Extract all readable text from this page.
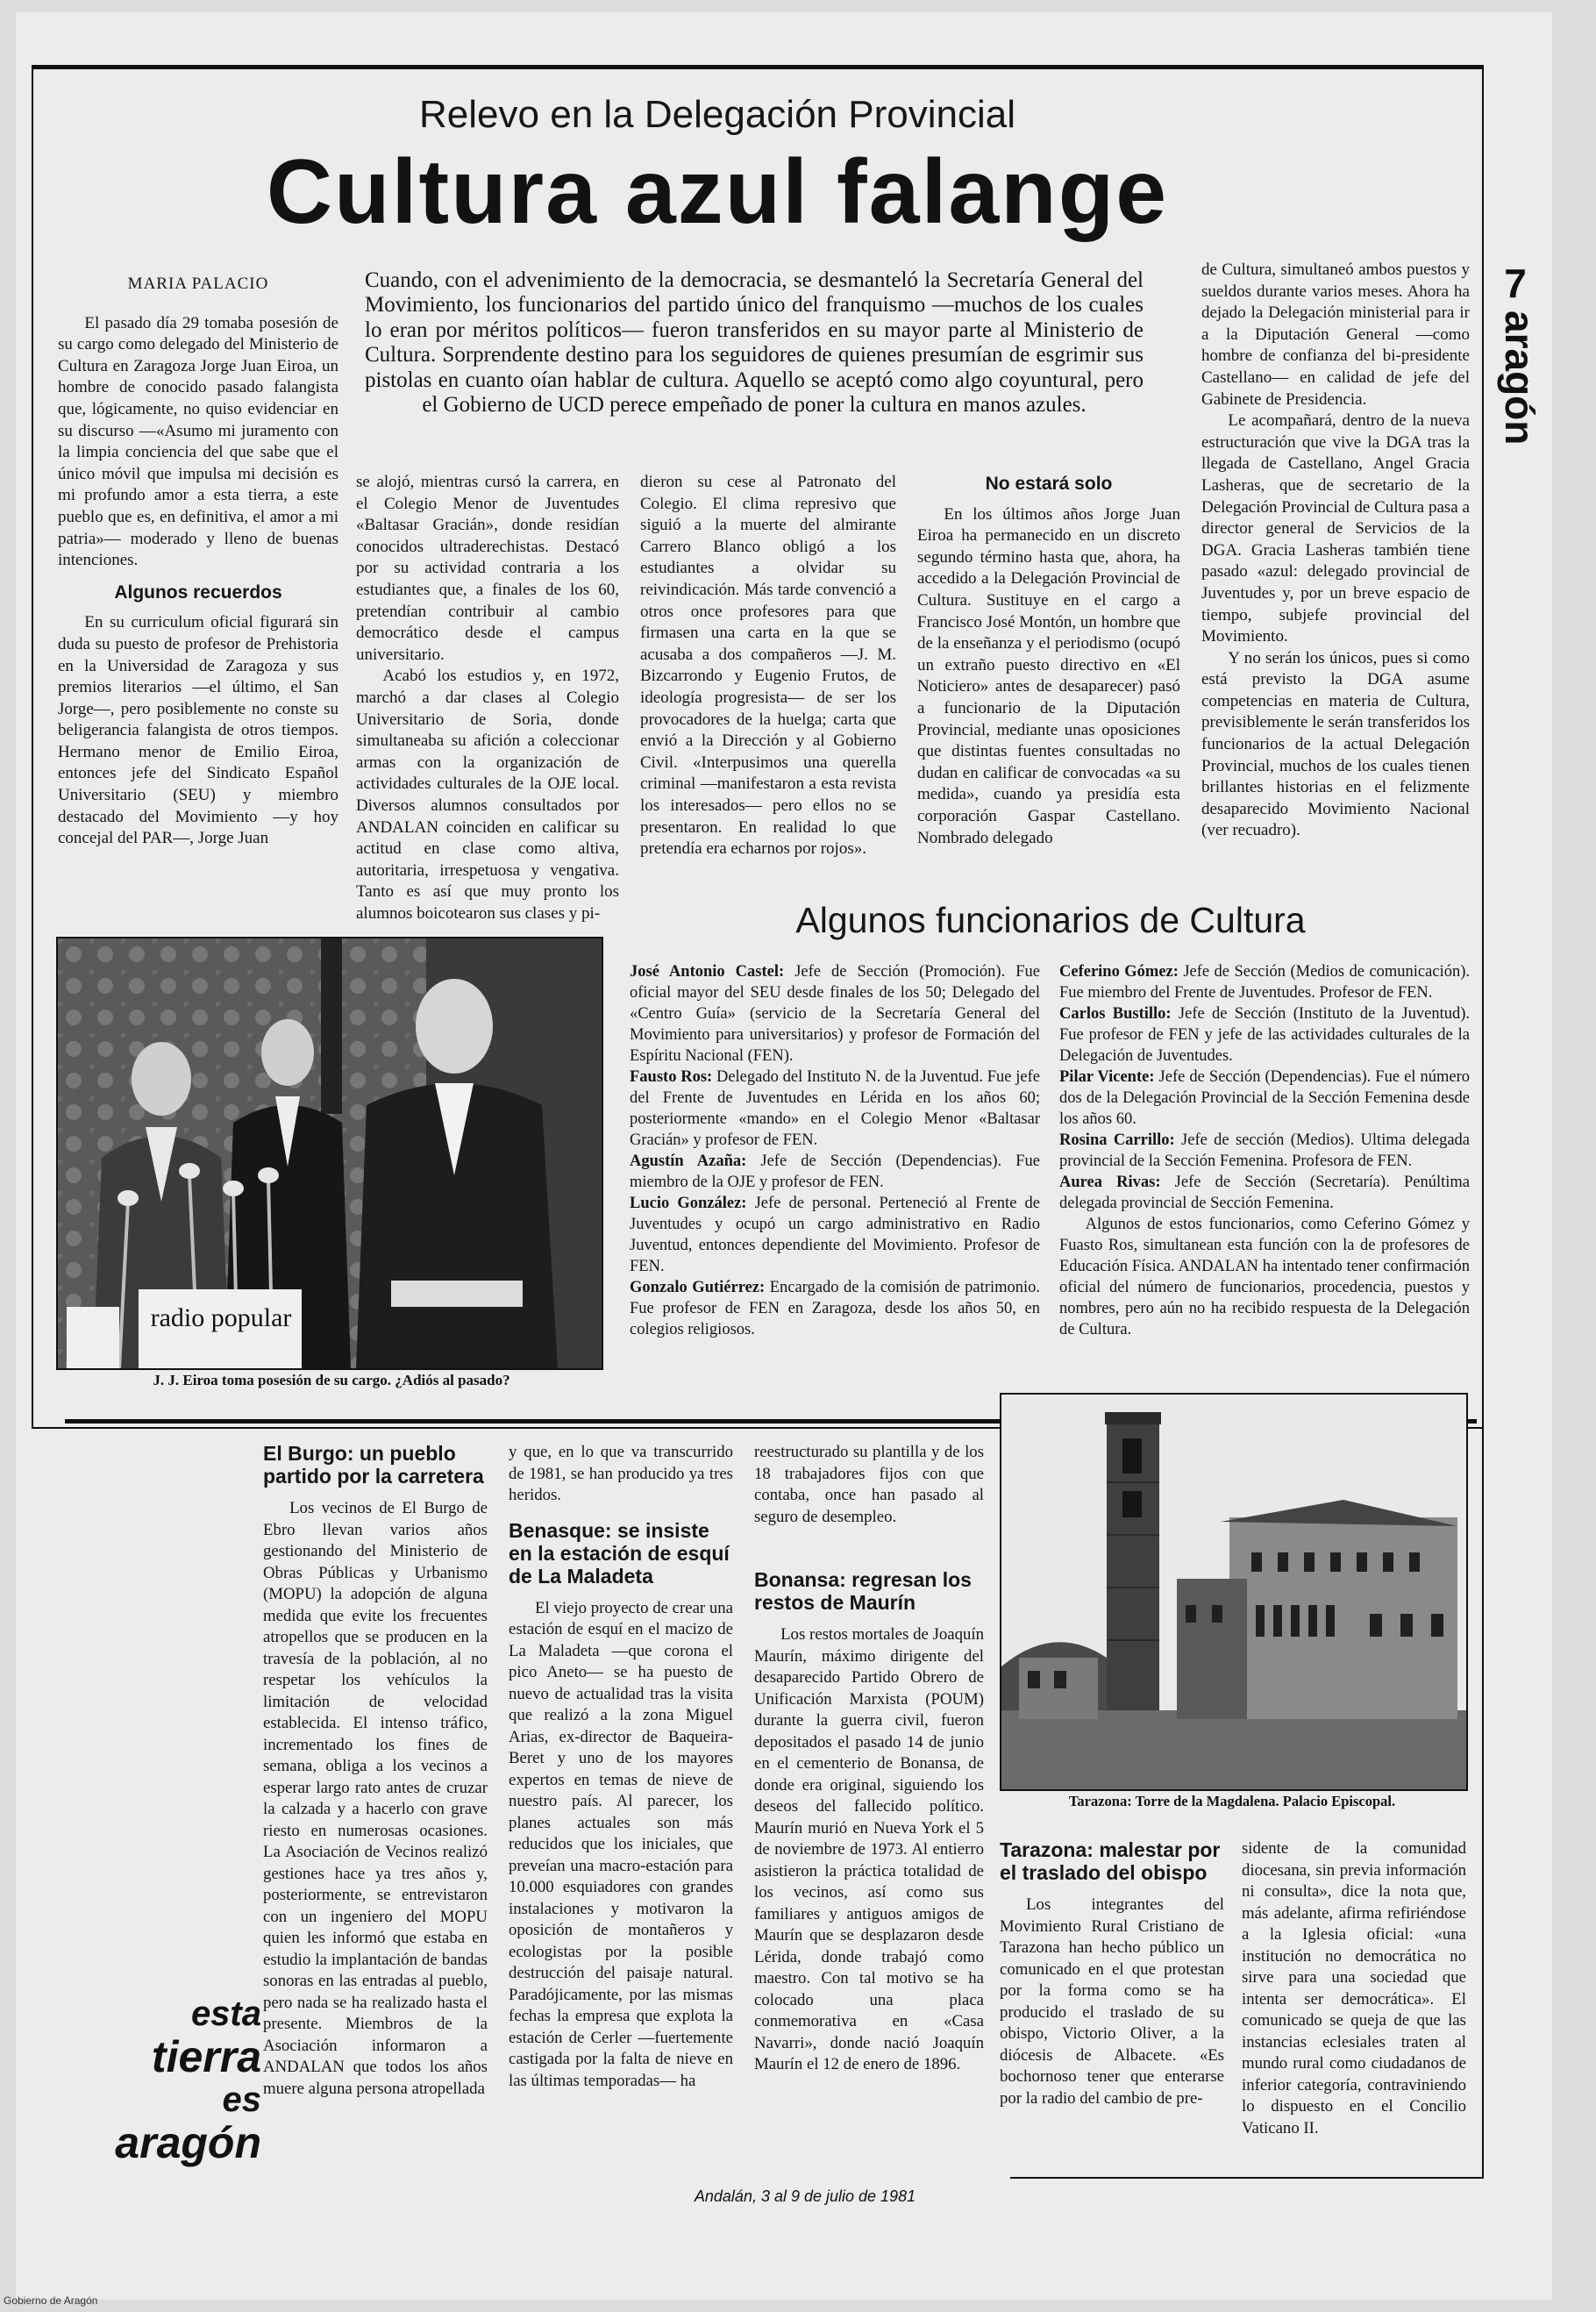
Relevo en la Delegación Provincial
Cultura azul falange
7
aragón
MARIA PALACIO

El pasado día 29 tomaba posesión de su cargo como delegado del Ministerio de Cultura en Zaragoza Jorge Juan Eiroa, un hombre de conocido pasado falangista que, lógicamente, no quiso evidenciar en su discurso —«Asumo mi juramento con la limpia conciencia del que sabe que el único móvil que impulsa mi decisión es mi profundo amor a esta tierra, a este pueblo que es, en definitiva, el amor a mi patria»— moderado y lleno de buenas intenciones.

Algunos recuerdos

En su curriculum oficial figurará sin duda su puesto de profesor de Prehistoria en la Universidad de Zaragoza y sus premios literarios —el último, el San Jorge—, pero posiblemente no conste su beligerancia falangista de otros tiempos. Hermano menor de Emilio Eiroa, entonces jefe del Sindicato Español Universitario (SEU) y miembro destacado del Movimiento —y hoy concejal del PAR—, Jorge Juan

Cuando, con el advenimiento de la democracia, se desmanteló la Secretaría General del Movimiento, los funcionarios del partido único del franquismo —muchos de los cuales lo eran por méritos políticos— fueron transferidos en su mayor parte al Ministerio de Cultura. Sorprendente destino para los seguidores de quienes presumían de esgrimir sus pistolas en cuanto oían hablar de cultura. Aquello se aceptó como algo coyuntural, pero el Gobierno de UCD perece empeñado de poner la cultura en manos azules.

se alojó, mientras cursó la carrera, en el Colegio Menor de Juventudes «Baltasar Gracián», donde residían conocidos ultraderechistas. Destacó por su actividad contraria a los estudiantes que, a finales de los 60, pretendían contribuir al cambio democrático desde el campus universitario.

Acabó los estudios y, en 1972, marchó a dar clases al Colegio Universitario de Soria, donde simultaneaba su afición a coleccionar armas con la organización de actividades culturales de la OJE local. Diversos alumnos consultados por ANDALAN coinciden en calificar su actitud en clase como altiva, autoritaria, irrespetuosa y vengativa. Tanto es así que muy pronto los alumnos boicotearon sus clases y pi-

dieron su cese al Patronato del Colegio. El clima represivo que siguió a la muerte del almirante Carrero Blanco obligó a los estudiantes a olvidar su reivindicación. Más tarde convenció a otros once profesores para que firmasen una carta en la que se acusaba a dos compañeros —J. M. Bizcarrondo y Eugenio Frutos, de ideología progresista— de ser los provocadores de la huelga; carta que envió a la Dirección y al Gobierno Civil. «Interpusimos una querella criminal —manifestaron a esta revista los interesados— pero ellos no se presentaron. En realidad lo que pretendía era echarnos por rojos».

No estará solo

En los últimos años Jorge Juan Eiroa ha permanecido en un discreto segundo término hasta que, ahora, ha accedido a la Delegación Provincial de Cultura. Sustituye en el cargo a Francisco José Montón, un hombre que de la enseñanza y el periodismo (ocupó un extraño puesto directivo en «El Noticiero» antes de desaparecer) pasó a funcionario de la Diputación Provincial, mediante unas oposiciones que distintas fuentes consultadas no dudan en calificar de convocadas «a su medida», cuando ya presidía esta corporación Gaspar Castellano. Nombrado delegado

de Cultura, simultaneó ambos puestos y sueldos durante varios meses. Ahora ha dejado la Delegación ministerial para ir a la Diputación General —como hombre de confianza del bi-presidente Castellano— en calidad de jefe del Gabinete de Presidencia.

Le acompañará, dentro de la nueva estructuración que vive la DGA tras la llegada de Castellano, Angel Gracia Lasheras, que de secretario de la Delegación Provincial de Cultura pasa a director general de Servicios de la DGA. Gracia Lasheras también tiene pasado «azul: delegado provincial de Juventudes y, por un breve espacio de tiempo, subjefe provincial del Movimiento.

Y no serán los únicos, pues si como está previsto la DGA asume competencias en materia de Cultura, previsiblemente le serán transferidos los funcionarios de la actual Delegación Provincial, muchos de los cuales tienen brillantes historias en el felizmente desaparecido Movimiento Nacional (ver recuadro).

radio popular
J. J. Eiroa toma posesión de su cargo. ¿Adiós al pasado?
Algunos funcionarios de Cultura

José Antonio Castel: Jefe de Sección (Promoción). Fue oficial mayor del SEU desde finales de los 50; Delegado del «Centro Guía» (servicio de la Secretaría General del Movimiento para universitarios) y profesor de Formación del Espíritu Nacional (FEN).

Fausto Ros: Delegado del Instituto N. de la Juventud. Fue jefe del Frente de Juventudes en Lérida en los años 60; posteriormente «mando» en el Colegio Menor «Baltasar Gracián» y profesor de FEN.

Agustín Azaña: Jefe de Sección (Dependencias). Fue miembro de la OJE y profesor de FEN.

Lucio González: Jefe de personal. Perteneció al Frente de Juventudes y ocupó un cargo administrativo en Radio Juventud, entonces dependiente del Movimiento. Profesor de FEN.

Gonzalo Gutiérrez: Encargado de la comisión de patrimonio. Fue profesor de FEN en Zaragoza, desde los años 50, en colegios religiosos.

Ceferino Gómez: Jefe de Sección (Medios de comunicación). Fue miembro del Frente de Juventudes. Profesor de FEN.

Carlos Bustillo: Jefe de Sección (Instituto de la Juventud). Fue profesor de FEN y jefe de las actividades culturales de la Delegación de Juventudes.

Pilar Vicente: Jefe de Sección (Dependencias). Fue el número dos de la Delegación Provincial de la Sección Femenina desde los años 60.

Rosina Carrillo: Jefe de sección (Medios). Ultima delegada provincial de la Sección Femenina. Profesora de FEN.

Aurea Rivas: Jefe de Sección (Secretaría). Penúltima delegada provincial de Sección Femenina.

Algunos de estos funcionarios, como Ceferino Gómez y Fuasto Ros, simultanean esta función con la de profesores de Educación Física. ANDALAN ha intentado tener confirmación oficial del número de funcionarios, procedencia, puestos y nombres, pero aún no ha recibido respuesta de la Delegación de Cultura.

esta
tierra
es
aragón
El Burgo: un pueblo partido por la carretera

Los vecinos de El Burgo de Ebro llevan varios años gestionando del Ministerio de Obras Públicas y Urbanismo (MOPU) la adopción de alguna medida que evite los frecuentes atropellos que se producen en la travesía de la población, al no respetar los vehículos la limitación de velocidad establecida. El intenso tráfico, incrementado los fines de semana, obliga a los vecinos a esperar largo rato antes de cruzar la calzada y a hacerlo con grave riesto en numerosas ocasiones. La Asociación de Vecinos realizó gestiones hace ya tres años y, posteriormente, se entrevistaron con un ingeniero del MOPU quien les informó que estaba en estudio la implantación de bandas sonoras en las entradas al pueblo, pero nada se ha realizado hasta el presente. Miembros de la Asociación informaron a ANDALAN que todos los años muere alguna persona atropellada

y que, en lo que va transcurrido de 1981, se han producido ya tres heridos.

Benasque: se insiste en la estación de esquí de La Maladeta

El viejo proyecto de crear una estación de esquí en el macizo de La Maladeta —que corona el pico Aneto— se ha puesto de nuevo de actualidad tras la visita que realizó a la zona Miguel Arias, ex-director de Baqueira-Beret y uno de los mayores expertos en temas de nieve de nuestro país. Al parecer, los planes actuales son más reducidos que los iniciales, que preveían una macro-estación para 10.000 esquiadores con grandes instalaciones y motivaron la oposición de montañeros y ecologistas por la posible destrucción del paisaje natural. Paradójicamente, por las mismas fechas la empresa que explota la estación de Cerler —fuertemente castigada por la falta de nieve en las últimas temporadas— ha

reestructurado su plantilla y de los 18 trabajadores fijos con que contaba, once han pasado al seguro de desempleo.

Bonansa: regresan los restos de Maurín

Los restos mortales de Joaquín Maurín, máximo dirigente del desaparecido Partido Obrero de Unificación Marxista (POUM) durante la guerra civil, fueron depositados el pasado 14 de junio en el cementerio de Bonansa, de donde era original, siguiendo los deseos del fallecido político. Maurín murió en Nueva York el 5 de noviembre de 1973. Al entierro asistieron la práctica totalidad de los vecinos, así como sus familiares y antiguos amigos de Maurín que se desplazaron desde Lérida, donde trabajó como maestro. Con tal motivo se ha colocado una placa conmemorativa en «Casa Navarri», donde nació Joaquín Maurín el 12 de enero de 1896.

Tarazona: Torre de la Magdalena. Palacio Episcopal.
Tarazona: malestar por el traslado del obispo

Los integrantes del Movimiento Rural Cristiano de Tarazona han hecho público un comunicado en el que protestan por la forma como se ha producido el traslado de su obispo, Victorio Oliver, a la diócesis de Albacete. «Es bochornoso tener que enterarse por la radio del cambio de pre-

sidente de la comunidad diocesana, sin previa información ni consulta», dice la nota que, más adelante, afirma refiriéndose a la Iglesia oficial: «una institución no democrática no sirve para una sociedad que intenta ser democrática». El comunicado se queja de que las instancias eclesiales traten al mundo rural como ciudadanos de inferior categoría, contraviniendo lo dispuesto en el Concilio Vaticano II.

Andalán, 3 al 9 de julio de 1981
Gobierno de Aragón
